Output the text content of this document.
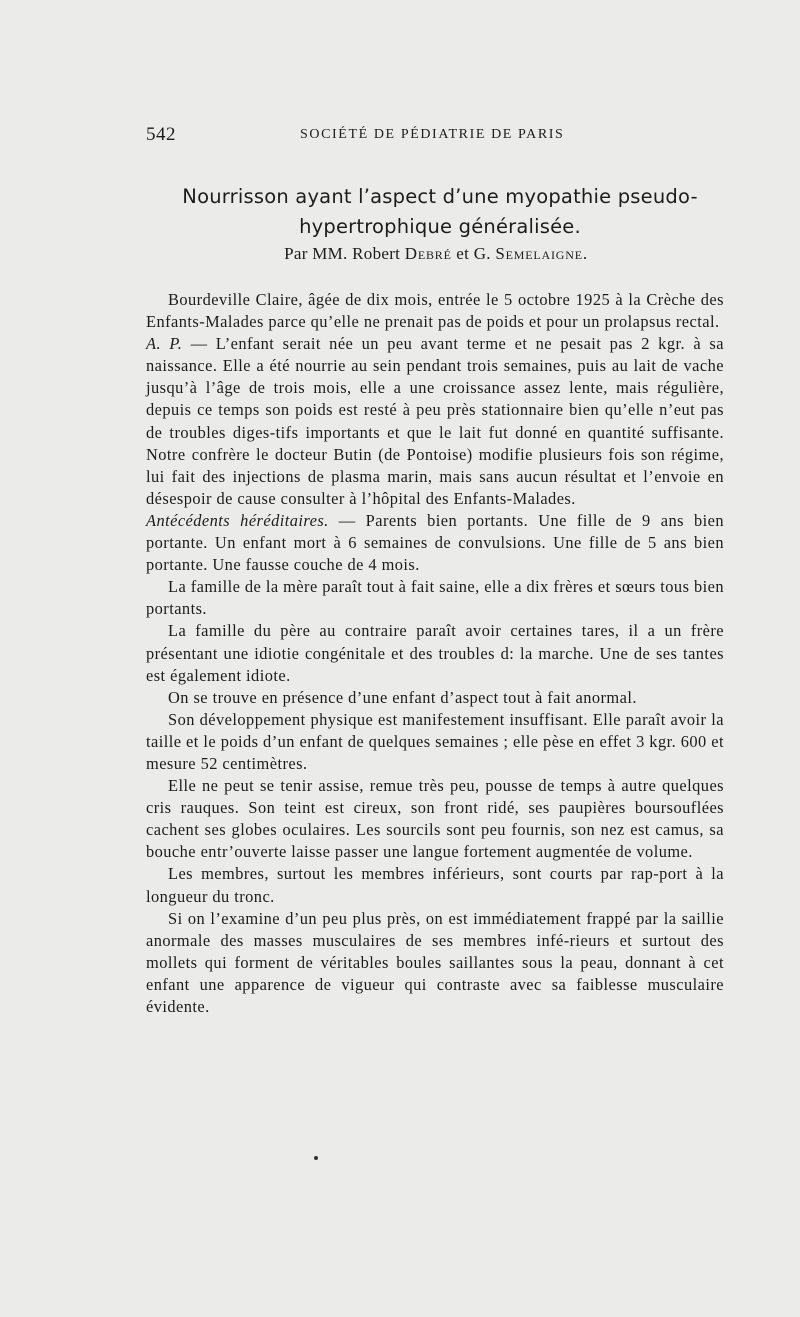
542	SOCIÉTÉ DE PÉDIATRIE DE PARIS
Nourrisson ayant l’aspect d’une myopathie pseudo-
hypertrophique généralisée.
Par MM. Robert Debré et G. Semelaigne.

Bourdeville Claire, âgée de dix mois, entrée le 5 octobre 1925 à la Crèche des Enfants-Malades parce qu’elle ne prenait pas de poids et pour un prolapsus rectal.

A. P. — L’enfant serait née un peu avant terme et ne pesait pas 2 kgr. à sa naissance. Elle a été nourrie au sein pendant trois semaines, puis au lait de vache jusqu’à l’âge de trois mois, elle a une croissance assez lente, mais régulière, depuis ce temps son poids est resté à peu près stationnaire bien qu’elle n’eut pas de troubles diges-tifs importants et que le lait fut donné en quantité suffisante. Notre confrère le docteur Butin (de Pontoise) modifie plusieurs fois son régime, lui fait des injections de plasma marin, mais sans aucun résultat et l’envoie en désespoir de cause consulter à l’hôpital des Enfants-Malades.

Antécédents héréditaires. — Parents bien portants. Une fille de 9 ans bien portante. Un enfant mort à 6 semaines de convulsions. Une fille de 5 ans bien portante. Une fausse couche de 4 mois.

La famille de la mère paraît tout à fait saine, elle a dix frères et sœurs tous bien portants.

La famille du père au contraire paraît avoir certaines tares, il a un frère présentant une idiotie congénitale et des troubles d: la marche. Une de ses tantes est également idiote.

On se trouve en présence d’une enfant d’aspect tout à fait anormal.

Son développement physique est manifestement insuffisant. Elle paraît avoir la taille et le poids d’un enfant de quelques semaines ; elle pèse en effet 3 kgr. 600 et mesure 52 centimètres.

Elle ne peut se tenir assise, remue très peu, pousse de temps à autre quelques cris rauques. Son teint est cireux, son front ridé, ses paupières boursouflées cachent ses globes oculaires. Les sourcils sont peu fournis, son nez est camus, sa bouche entr’ouverte laisse passer une langue fortement augmentée de volume.

Les membres, surtout les membres inférieurs, sont courts par rap-port à la longueur du tronc.

Si on l’examine d’un peu plus près, on est immédiatement frappé par la saillie anormale des masses musculaires de ses membres infé-rieurs et surtout des mollets qui forment de véritables boules saillantes sous la peau, donnant à cet enfant une apparence de vigueur qui contraste avec sa faiblesse musculaire évidente.
